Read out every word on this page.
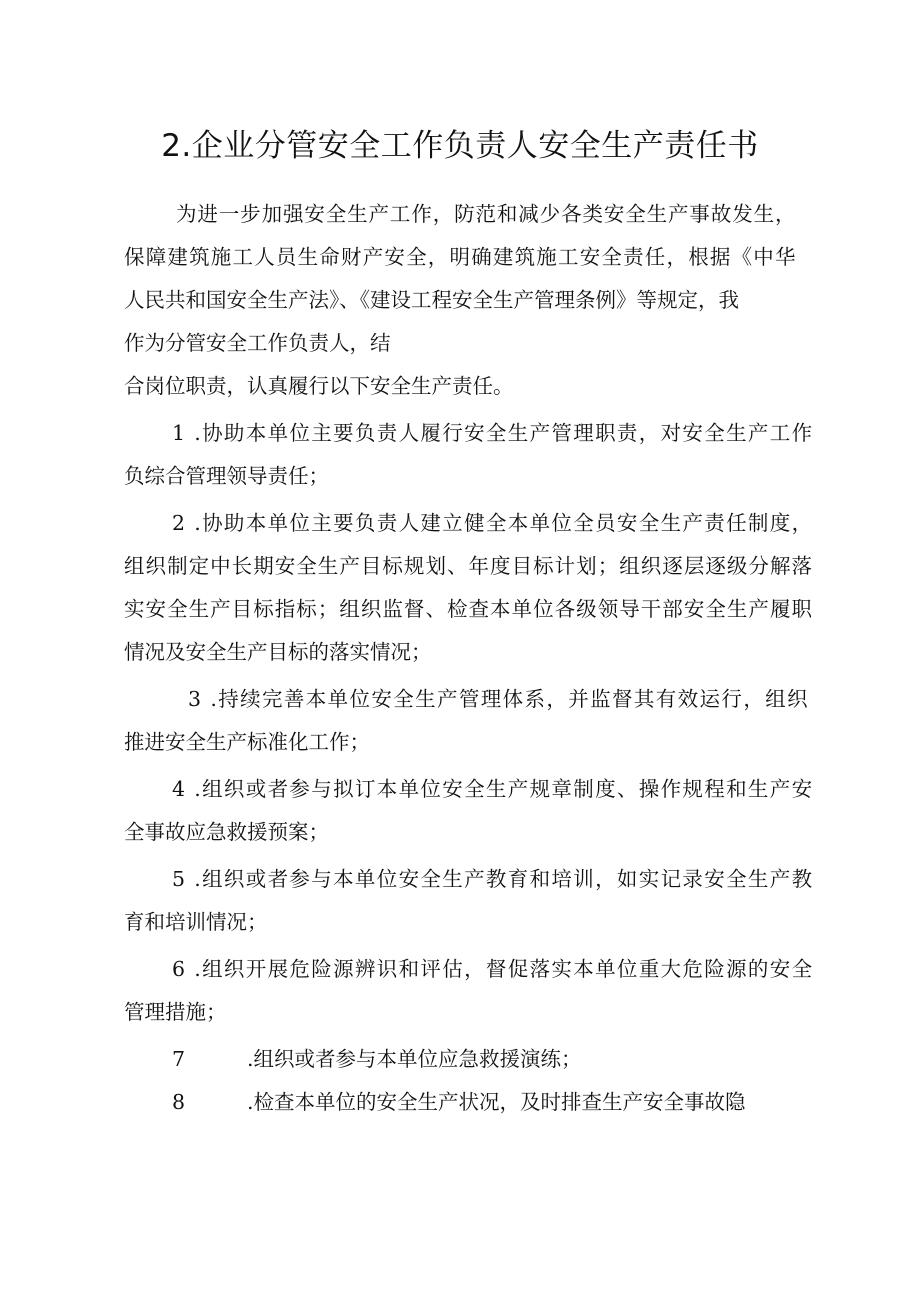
2.企业分管安全工作负责人安全生产责任书
为进一步加强安全生产工作，防范和减少各类安全生产事故发生，
保障建筑施工人员生命财产安全，明确建筑施工安全责任，根据《中华
人民共和国安全生产法》、《建设工程安全生产管理条例》等规定，我
作为分管安全工作负责人，结
合岗位职责，认真履行以下安全生产责任。
1 .协助本单位主要负责人履行安全生产管理职责，对安全生产工作
负综合管理领导责任；
2 .协助本单位主要负责人建立健全本单位全员安全生产责任制度，
组织制定中长期安全生产目标规划、年度目标计划；组织逐层逐级分解落
实安全生产目标指标；组织监督、检查本单位各级领导干部安全生产履职
情况及安全生产目标的落实情况；
3 .持续完善本单位安全生产管理体系，并监督其有效运行，组织
推进安全生产标准化工作；
4 .组织或者参与拟订本单位安全生产规章制度、操作规程和生产安
全事故应急救援预案；
5 .组织或者参与本单位安全生产教育和培训，如实记录安全生产教
育和培训情况；
6 .组织开展危险源辨识和评估，督促落实本单位重大危险源的安全
管理措施；
7	.组织或者参与本单位应急救援演练；
8	.检查本单位的安全生产状况，及时排查生产安全事故隐
